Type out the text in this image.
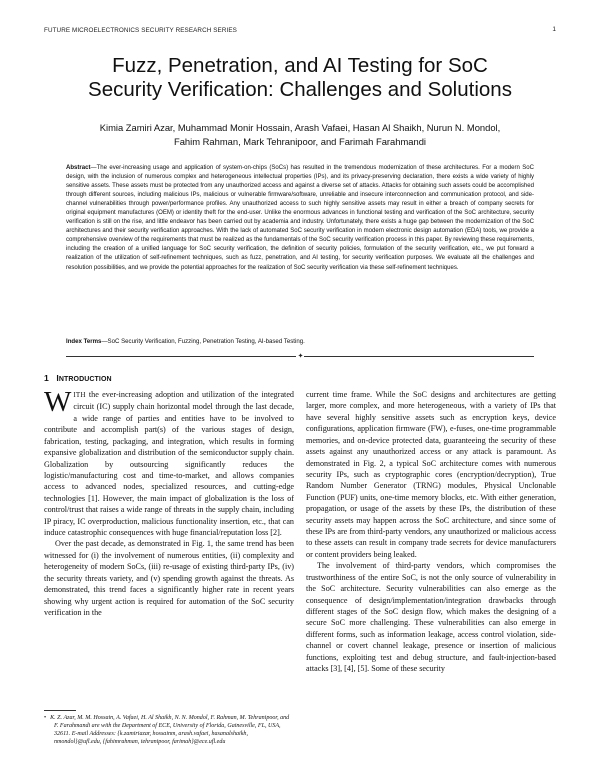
FUTURE MICROELECTRONICS SECURITY RESEARCH SERIES	1
Fuzz, Penetration, and AI Testing for SoC
Security Verification: Challenges and Solutions
Kimia Zamiri Azar, Muhammad Monir Hossain, Arash Vafaei, Hasan Al Shaikh, Nurun N. Mondol,
Fahim Rahman, Mark Tehranipoor, and Farimah Farahmandi
Abstract—The ever-increasing usage and application of system-on-chips (SoCs) has resulted in the tremendous modernization of these architectures. For a modern SoC design, with the inclusion of numerous complex and heterogeneous intellectual properties (IPs), and its privacy-preserving declaration, there exists a wide variety of highly sensitive assets. These assets must be protected from any unauthorized access and against a diverse set of attacks. Attacks for obtaining such assets could be accomplished through different sources, including malicious IPs, malicious or vulnerable firmware/software, unreliable and insecure interconnection and communication protocol, and side-channel vulnerabilities through power/performance profiles. Any unauthorized access to such highly sensitive assets may result in either a breach of company secrets for original equipment manufactures (OEM) or identity theft for the end-user. Unlike the enormous advances in functional testing and verification of the SoC architecture, security verification is still on the rise, and little endeavor has been carried out by academia and industry. Unfortunately, there exists a huge gap between the modernization of the SoC architectures and their security verification approaches. With the lack of automated SoC security verification in modern electronic design automation (EDA) tools, we provide a comprehensive overview of the requirements that must be realized as the fundamentals of the SoC security verification process in this paper. By reviewing these requirements, including the creation of a unified language for SoC security verification, the definition of security policies, formulation of the security verification, etc., we put forward a realization of the utilization of self-refinement techniques, such as fuzz, penetration, and AI testing, for security verification purposes. We evaluate all the challenges and resolution possibilities, and we provide the potential approaches for the realization of SoC security verification via these self-refinement techniques.
Index Terms—SoC Security Verification, Fuzzing, Penetration Testing, AI-based Testing.
✦
1 INTRODUCTION

WITH the ever-increasing adoption and utilization of the integrated circuit (IC) supply chain horizontal model through the last decade, a wide range of parties and entities have to be involved to contribute and accomplish part(s) of the various stages of design, fabrication, testing, packaging, and integration, which results in forming expansive globalization and distribution of the semiconductor supply chain. Globalization by outsourcing significantly reduces the logistic/manufacturing cost and time-to-market, and allows companies access to advanced nodes, specialized resources, and cutting-edge technologies [1]. However, the main impact of globalization is the loss of control/trust that raises a wide range of threats in the supply chain, including IP piracy, IC overproduction, malicious functionality insertion, etc., that can induce catastrophic consequences with huge financial/reputation loss [2].

Over the past decade, as demonstrated in Fig. 1, the same trend has been witnessed for (i) the involvement of numerous entities, (ii) complexity and heterogeneity of modern SoCs, (iii) re-usage of existing third-party IPs, (iv) the security threats variety, and (v) spending growth against the threats. As demonstrated, this trend faces a significantly higher rate in recent years showing why urgent action is required for automation of the SoC security verification in the

current time frame. While the SoC designs and architectures are getting larger, more complex, and more heterogeneous, with a variety of IPs that have several highly sensitive assets such as encryption keys, device configurations, application firmware (FW), e-fuses, one-time programmable memories, and on-device protected data, guaranteeing the security of these assets against any unauthorized access or any attack is paramount. As demonstrated in Fig. 2, a typical SoC architecture comes with numerous security IPs, such as cryptographic cores (encryption/decryption), True Random Number Generator (TRNG) modules, Physical Unclonable Function (PUF) units, one-time memory blocks, etc. With either generation, propagation, or usage of the assets by these IPs, the distribution of these security assets may happen across the SoC architecture, and since some of these IPs are from third-party vendors, any unauthorized or malicious access to these assets can result in company trade secrets for device manufacturers or content providers being leaked.

The involvement of third-party vendors, which compromises the trustworthiness of the entire SoC, is not the only source of vulnerability in the SoC architecture. Security vulnerabilities can also emerge as the consequence of design/implementation/integration drawbacks through different stages of the SoC design flow, which makes the designing of a secure SoC more challenging. These vulnerabilities can also emerge in different forms, such as information leakage, access control violation, side-channel or covert channel leakage, presence or insertion of malicious functions, exploiting test and debug structure, and fault-injection-based attacks [3], [4], [5]. Some of these security

• K. Z. Azar, M. M. Hossain, A. Vafaei, H. Al Shaikh, N. N. Mondol, F. Rahman, M. Tehranipoor, and F. Farahmandi are with the Department of ECE, University of Florida, Gainesville, FL, USA, 32611. E-mail Addresses: {k.zamiriazar, hossainm, arash.vafaei, hasanalshaikh, nmondol}@ufl.edu, {fahimrahman, tehranipoor, farimah}@ece.ufl.edu
